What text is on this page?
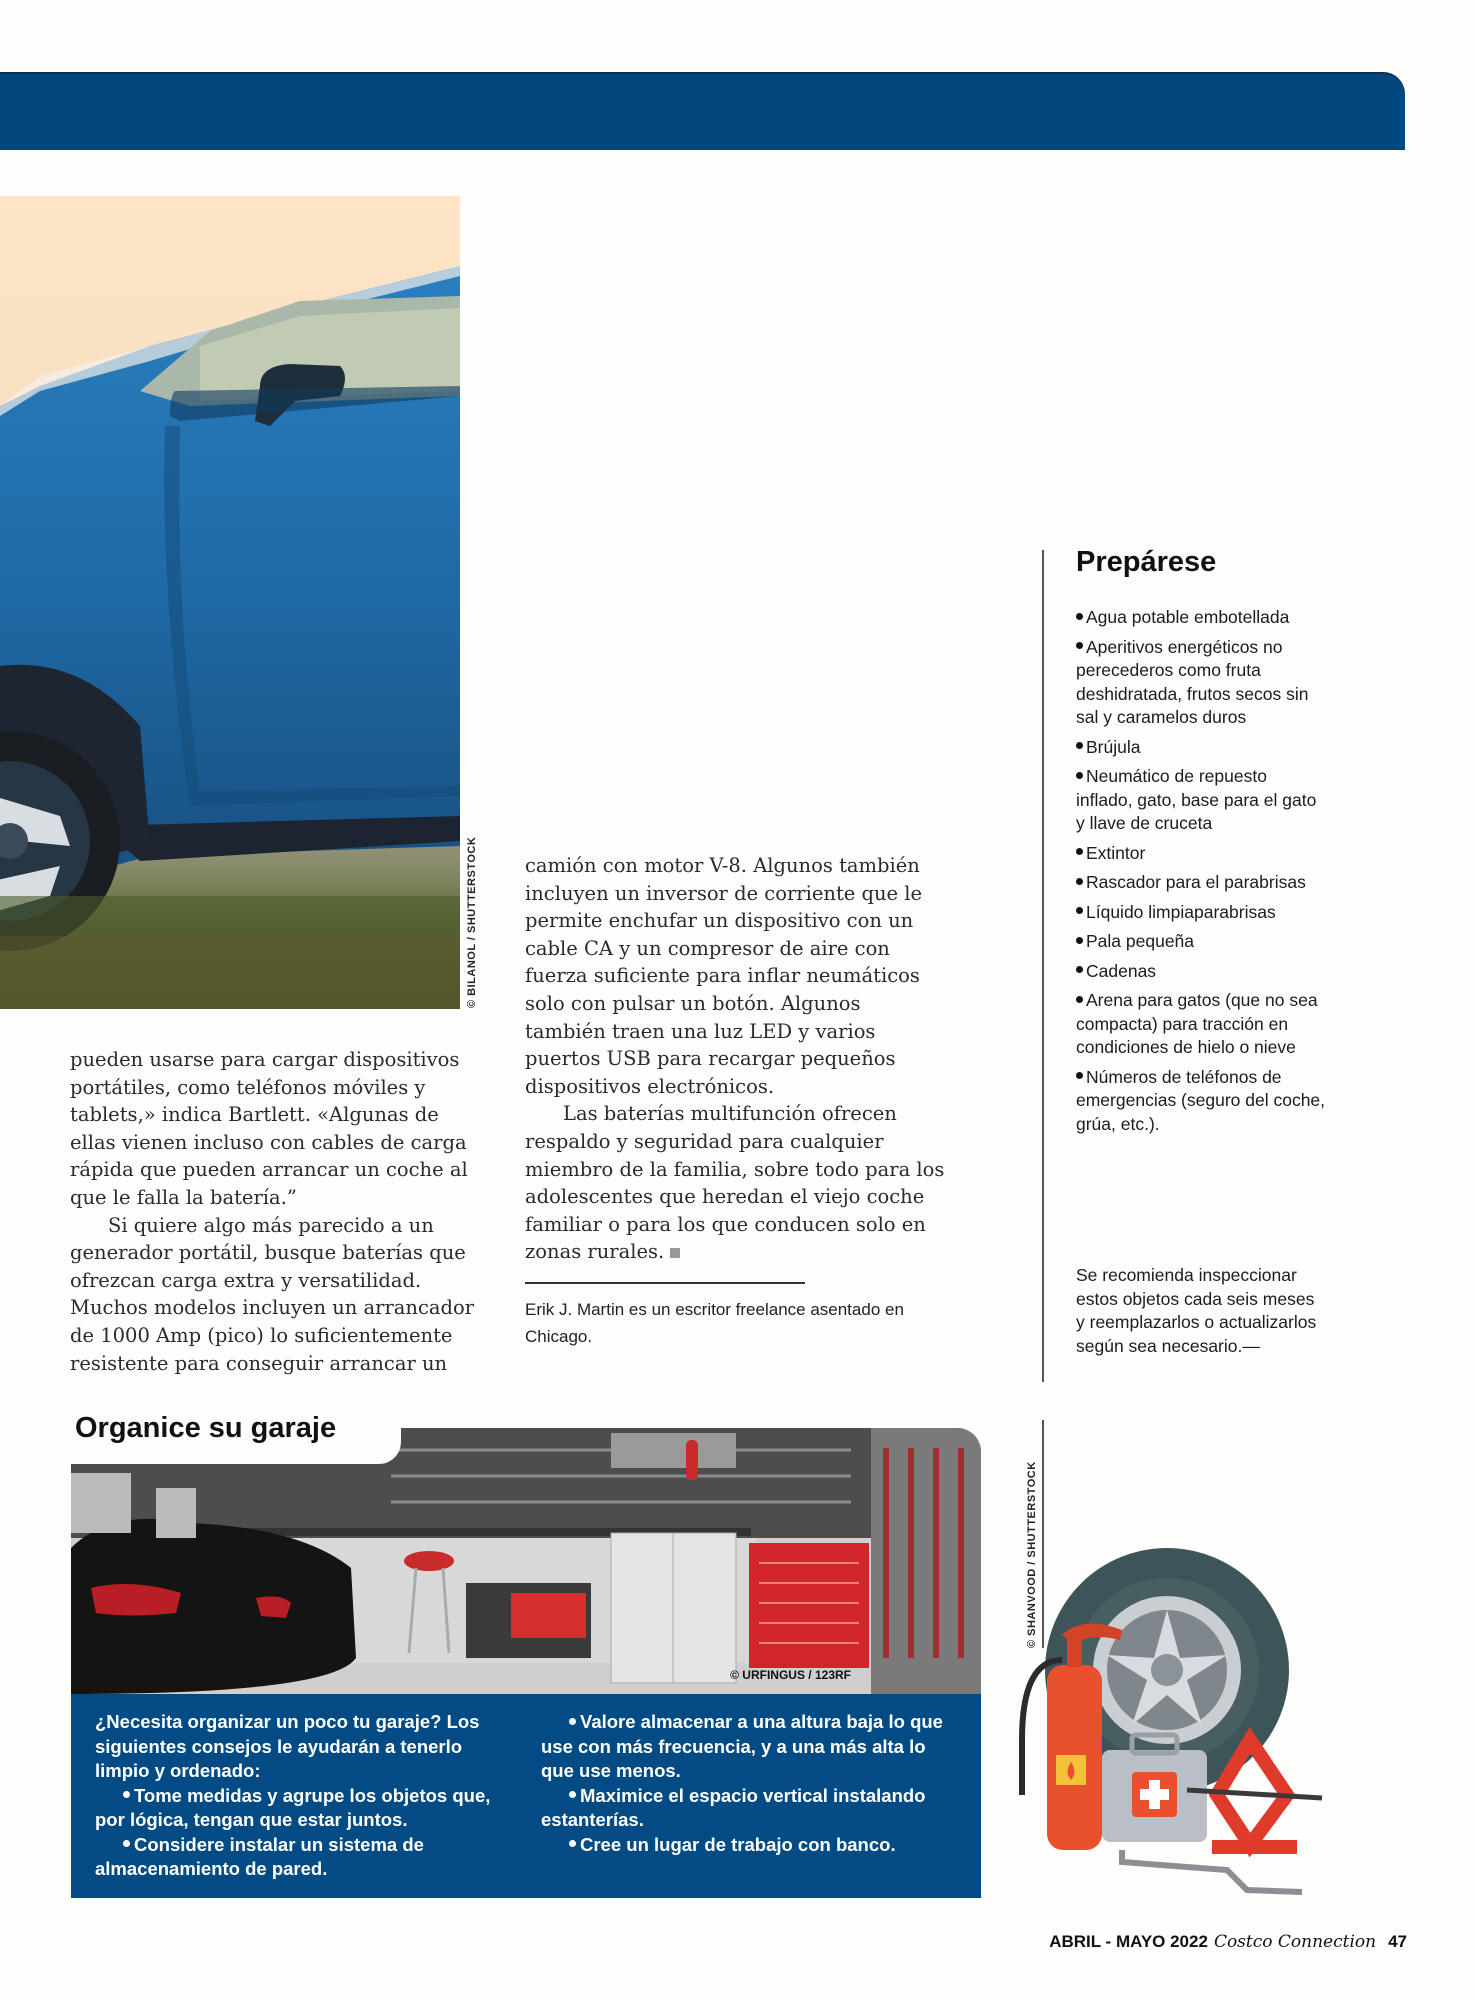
© BILANOL / SHUTTERSTOCK
pueden usarse para cargar dispositivos portátiles, como teléfonos móviles y tablets,» indica Bartlett. «Algunas de ellas vienen incluso con cables de carga rápida que pueden arrancar un coche al que le falla la batería.”
Si quiere algo más parecido a un generador portátil, busque baterías que ofrezcan carga extra y versatilidad. Muchos modelos incluyen un arrancador de 1000 Amp (pico) lo suficientemente resistente para conseguir arrancar un
camión con motor V-8. Algunos también incluyen un inversor de corriente que le permite enchufar un dispositivo con un cable CA y un compresor de aire con fuerza suficiente para inflar neumáticos solo con pulsar un botón. Algunos también traen una luz LED y varios puertos USB para recargar pequeños dispositivos electrónicos.
Las baterías multifunción ofrecen respaldo y seguridad para cualquier miembro de la familia, sobre todo para los adolescentes que heredan el viejo coche familiar o para los que conducen solo en zonas rurales.
Erik J. Martin es un escritor freelance asentado en Chicago.
Prepárese
Agua potable embotellada
Aperitivos energéticos no perecederos como fruta deshidratada, frutos secos sin sal y caramelos duros
Brújula
Neumático de repuesto inflado, gato, base para el gato y llave de cruceta
Extintor
Rascador para el parabrisas
Líquido limpiaparabrisas
Pala pequeña
Cadenas
Arena para gatos (que no sea compacta) para tracción en condiciones de hielo o nieve
Números de teléfonos de emergencias (seguro del coche, grúa, etc.).
Se recomienda inspeccionar estos objetos cada seis meses y reemplazarlos o actualizarlos según sea necesario.—
© URFINGUS / 123RF
Organice su garaje
¿Necesita organizar un poco tu garaje? Los siguientes consejos le ayudarán a tenerlo limpio y ordenado:
Tome medidas y agrupe los objetos que, por lógica, tengan que estar juntos.
Considere instalar un sistema de almacenamiento de pared.
Valore almacenar a una altura baja lo que use con más frecuencia, y a una más alta lo que use menos.
Maximice el espacio vertical instalando estanterías.
Cree un lugar de trabajo con banco.
© SHANVOOD / SHUTTERSTOCK
ABRIL - MAYO 2022 Costco Connection 47
